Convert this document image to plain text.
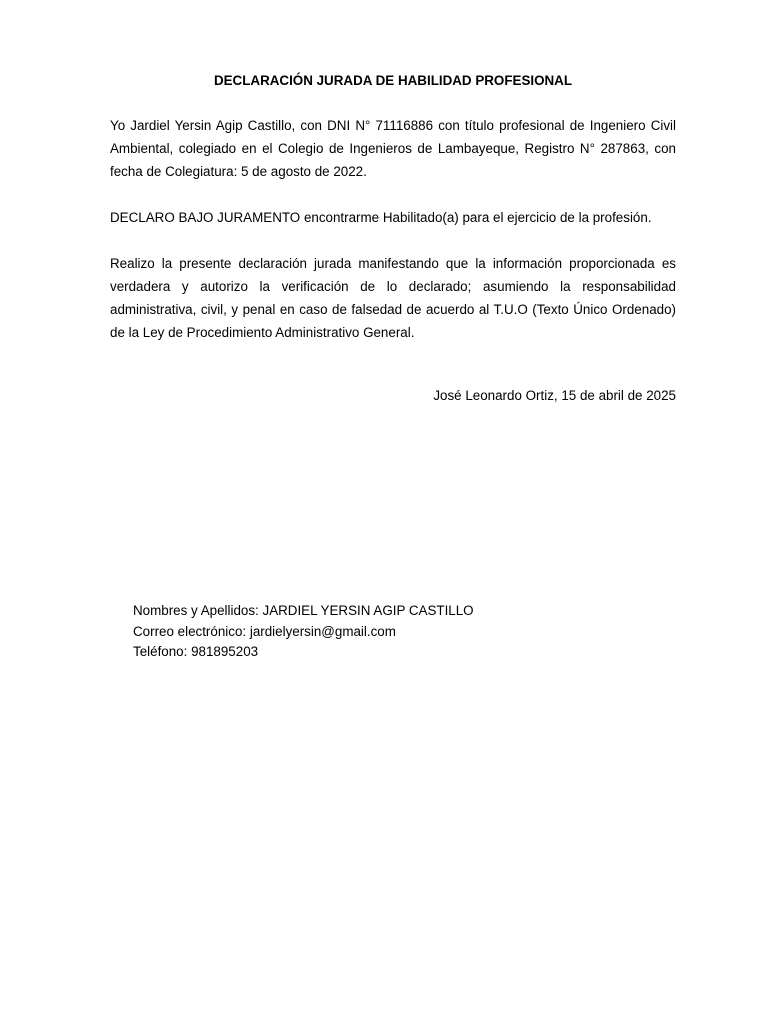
DECLARACIÓN JURADA DE HABILIDAD PROFESIONAL

Yo Jardiel Yersin Agip Castillo, con DNI N° 71116886 con título profesional de Ingeniero Civil Ambiental, colegiado en el Colegio de Ingenieros de Lambayeque, Registro N° 287863, con fecha de Colegiatura: 5 de agosto de 2022.

DECLARO BAJO JURAMENTO encontrarme Habilitado(a) para el ejercicio de la profesión.

Realizo la presente declaración jurada manifestando que la información proporcionada es verdadera y autorizo la verificación de lo declarado; asumiendo la responsabilidad administrativa, civil, y penal en caso de falsedad de acuerdo al T.U.O (Texto Único Ordenado) de la Ley de Procedimiento Administrativo General.

José Leonardo Ortiz, 15 de abril de 2025

Nombres y Apellidos: JARDIEL YERSIN AGIP CASTILLO
Correo electrónico: jardielyersin@gmail.com
Teléfono: 981895203
